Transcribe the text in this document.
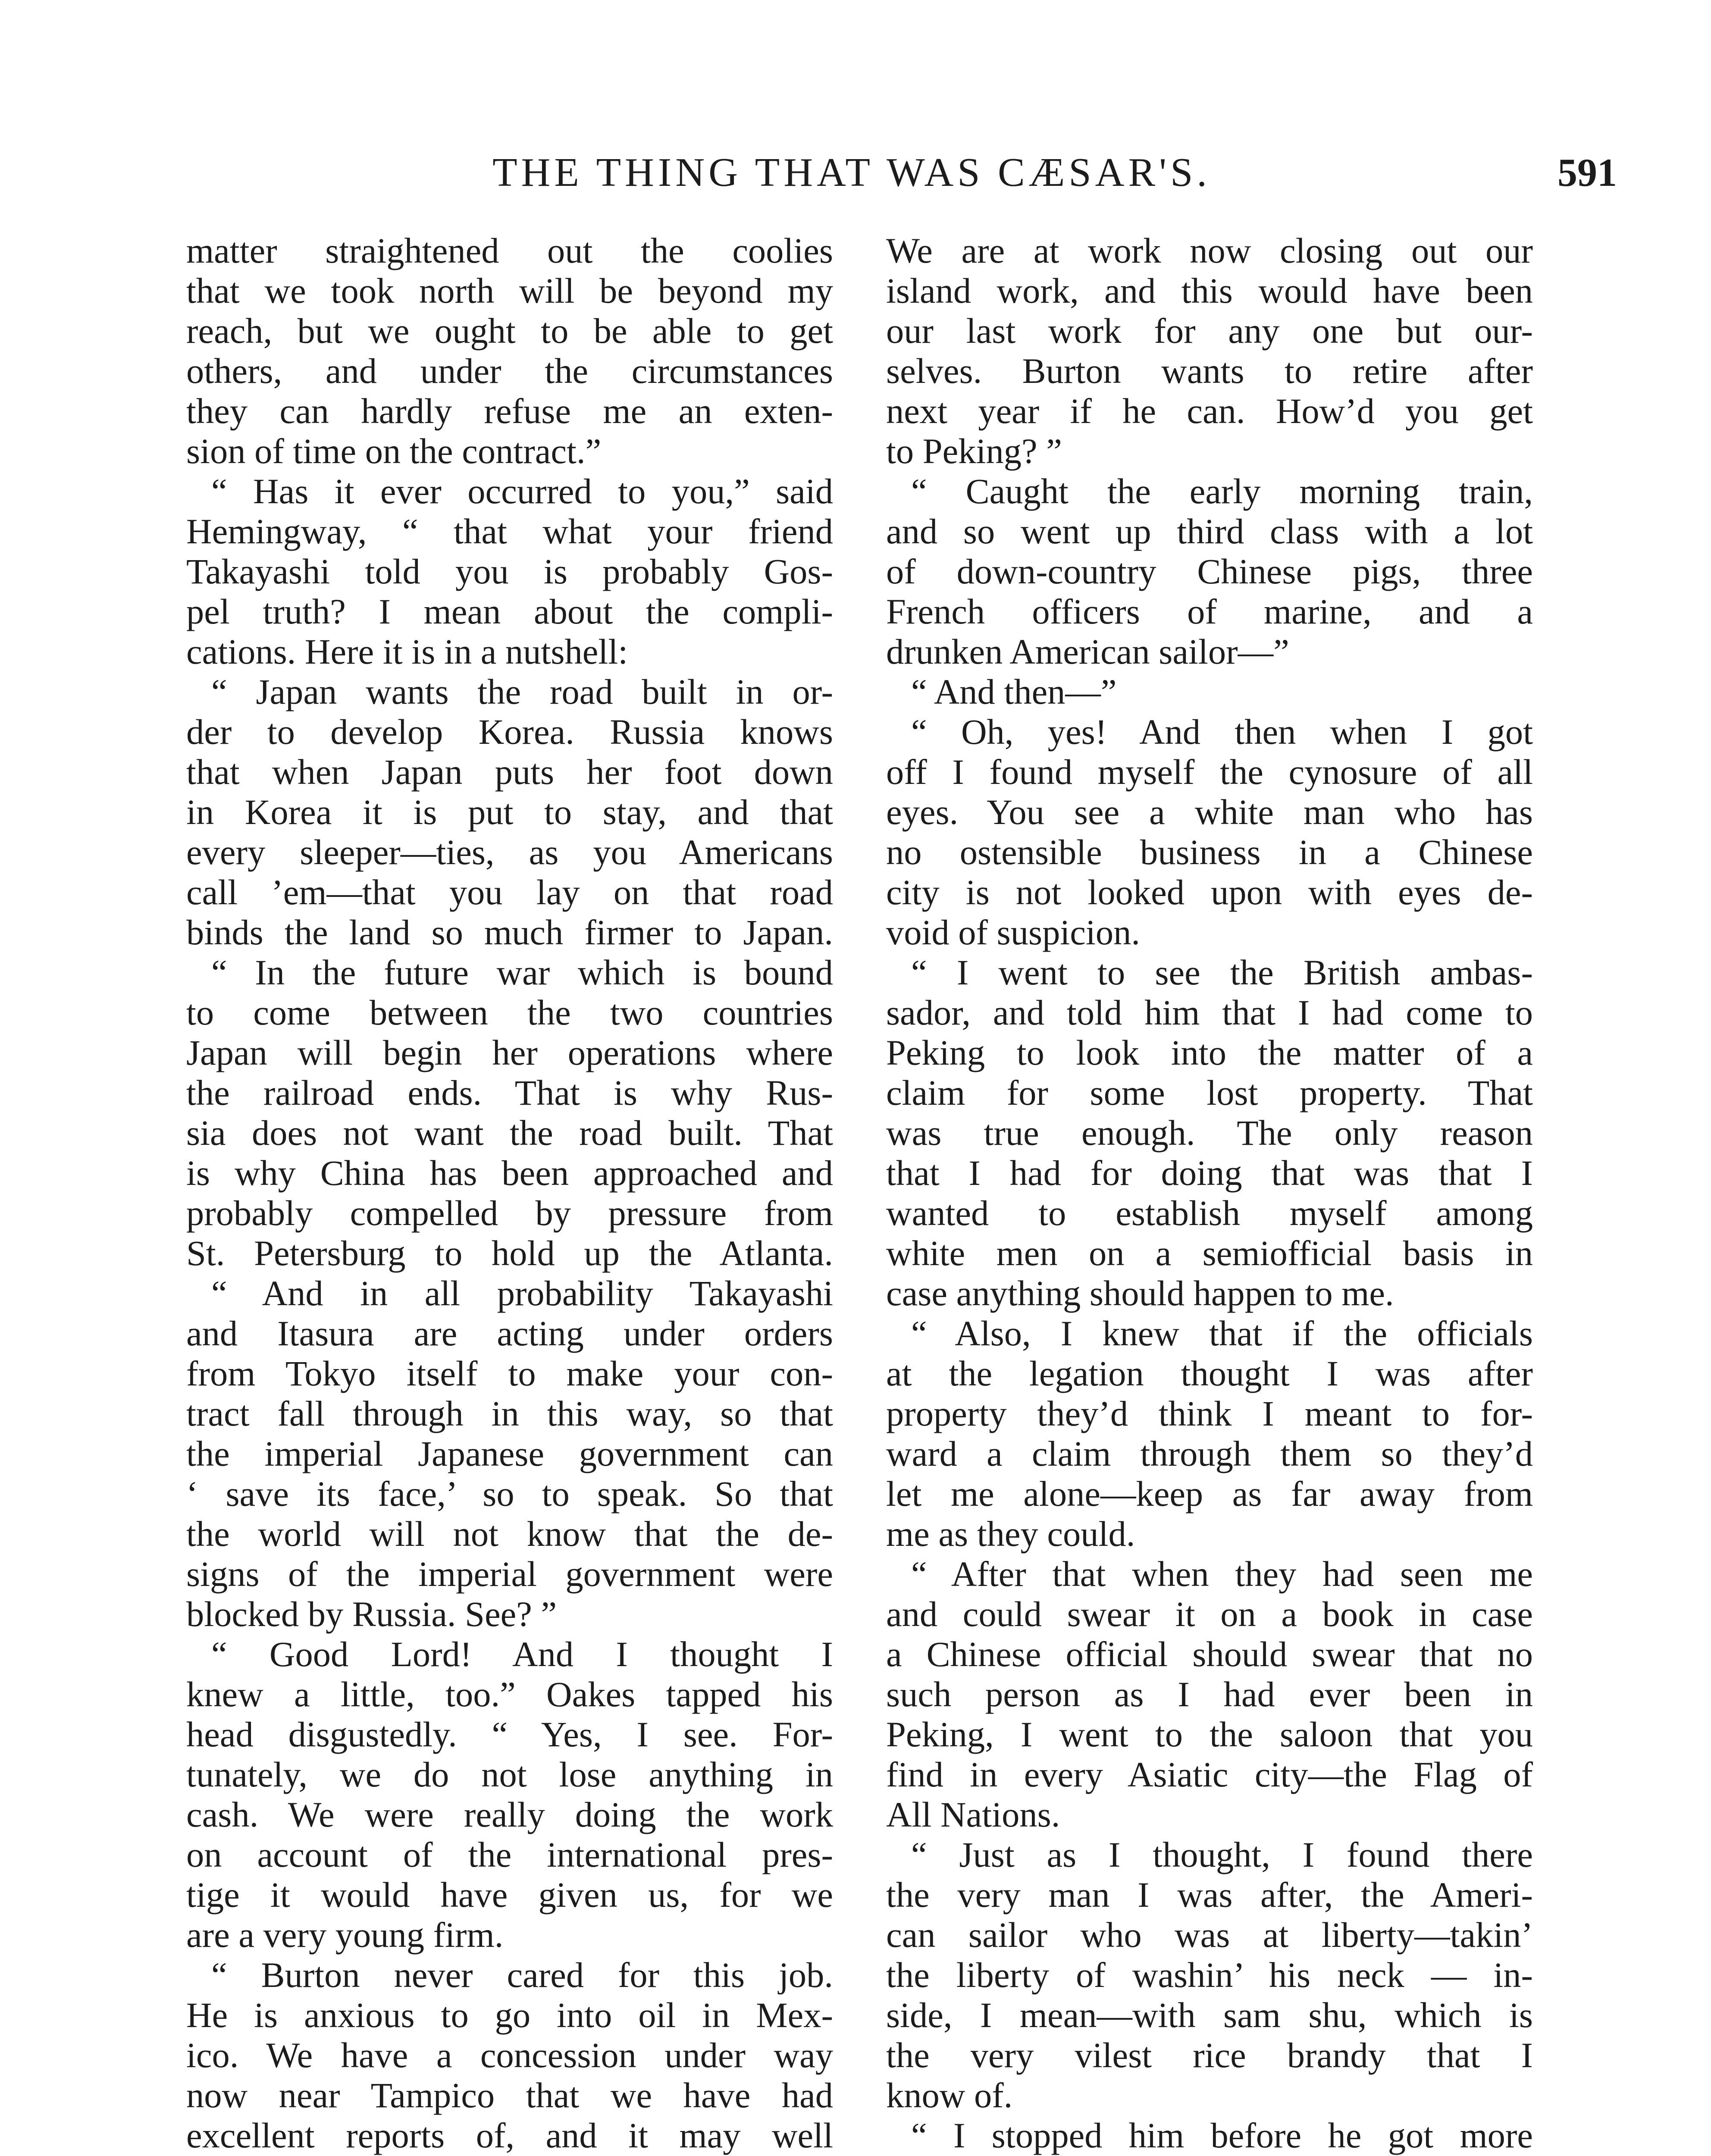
THE THING THAT WAS CÆSAR'S.	591
matter straightened out the coolies
that we took north will be beyond my
reach, but we ought to be able to get
others, and under the circumstances
they can hardly refuse me an exten-
sion of time on the contract.”
“ Has it ever occurred to you,” said
Hemingway, “ that what your friend
Takayashi told you is probably Gos-
pel truth? I mean about the compli-
cations. Here it is in a nutshell:
“ Japan wants the road built in or-
der to develop Korea. Russia knows
that when Japan puts her foot down
in Korea it is put to stay, and that
every sleeper—ties, as you Americans
call ’em—that you lay on that road
binds the land so much firmer to Japan.
“ In the future war which is bound
to come between the two countries
Japan will begin her operations where
the railroad ends. That is why Rus-
sia does not want the road built. That
is why China has been approached and
probably compelled by pressure from
St. Petersburg to hold up the Atlanta.
“ And in all probability Takayashi
and Itasura are acting under orders
from Tokyo itself to make your con-
tract fall through in this way, so that
the imperial Japanese government can
‘ save its face,’ so to speak. So that
the world will not know that the de-
signs of the imperial government were
blocked by Russia. See? ”
“ Good Lord! And I thought I
knew a little, too.” Oakes tapped his
head disgustedly. “ Yes, I see. For-
tunately, we do not lose anything in
cash. We were really doing the work
on account of the international pres-
tige it would have given us, for we
are a very young firm.
“ Burton never cared for this job.
He is anxious to go into oil in Mex-
ico. We have a concession under way
now near Tampico that we have had
excellent reports of, and it may well
We are at work now closing out our
island work, and this would have been
our last work for any one but our-
selves. Burton wants to retire after
next year if he can. How’d you get
to Peking? ”
“ Caught the early morning train,
and so went up third class with a lot
of down-country Chinese pigs, three
French officers of marine, and a
drunken American sailor—”
“ And then—”
“ Oh, yes! And then when I got
off I found myself the cynosure of all
eyes. You see a white man who has
no ostensible business in a Chinese
city is not looked upon with eyes de-
void of suspicion.
“ I went to see the British ambas-
sador, and told him that I had come to
Peking to look into the matter of a
claim for some lost property. That
was true enough. The only reason
that I had for doing that was that I
wanted to establish myself among
white men on a semiofficial basis in
case anything should happen to me.
“ Also, I knew that if the officials
at the legation thought I was after
property they’d think I meant to for-
ward a claim through them so they’d
let me alone—keep as far away from
me as they could.
“ After that when they had seen me
and could swear it on a book in case
a Chinese official should swear that no
such person as I had ever been in
Peking, I went to the saloon that you
find in every Asiatic city—the Flag of
All Nations.
“ Just as I thought, I found there
the very man I was after, the Ameri-
can sailor who was at liberty—takin’
the liberty of washin’ his neck — in-
side, I mean—with sam shu, which is
the very vilest rice brandy that I
know of.
“ I stopped him before he got more
